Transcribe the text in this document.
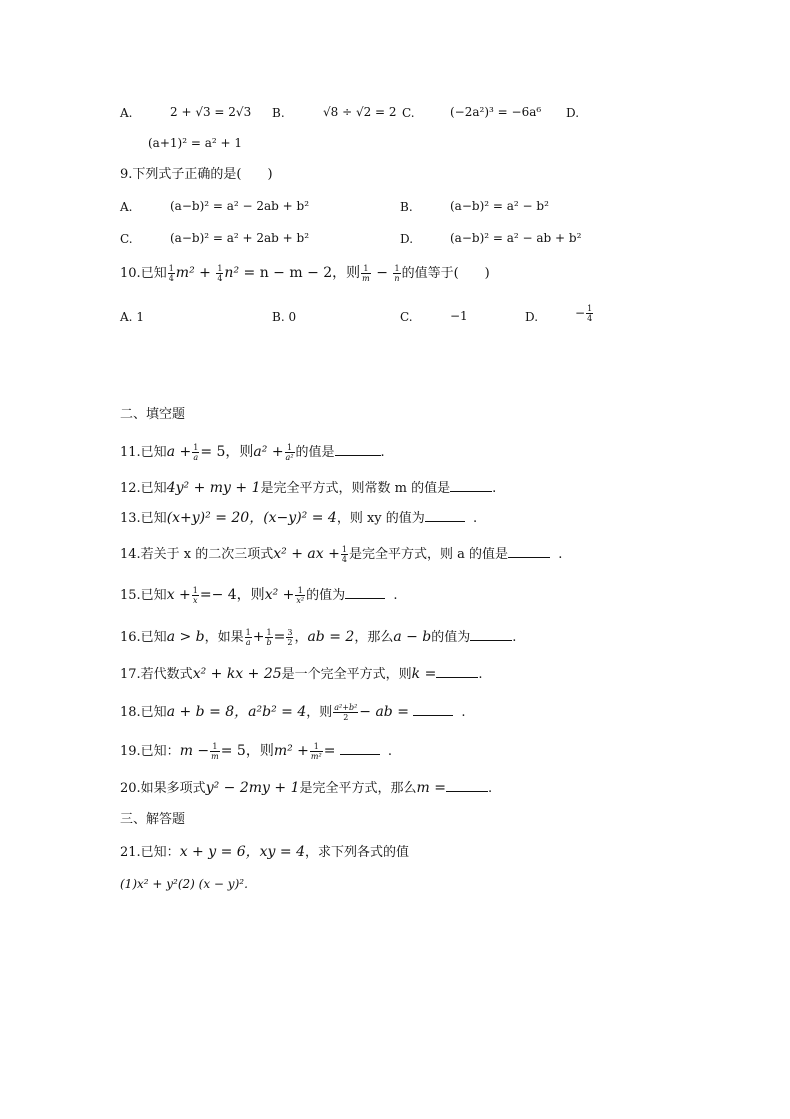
A.	2 + √3 = 2√3 B.	√8 ÷ √2 = 2 C.	(−2a²)³ = −6a⁶ D.
(a+1)² = a² + 1
9.下列式子正确的是(　　)
A.	(a−b)² = a² − 2ab + b²	B.	(a−b)² = a² − b²
C.	(a−b)² = a² + 2ab + b²	D.	(a−b)² = a² − ab + b²
10.已知 $\frac{1}{4} m^2 + \frac{1}{4} n^2 = n - m - 2$，则 $\frac{1}{m} - \frac{1}{n}$ 的值等于(　　)
A. 1	B. 0	C.	−1	D.	− $\frac{1}{4}$
二、填空题
11.已知$a + \frac{1}{a} = 5$，则$a^2 + \frac{1}{\text{a²}}$ 的值是	.
12.已知4y² + my + 1是完全平方式，则常数 m 的值是	.
13.已知(x+y)² = 20，(x−y)² = 4，则 xy 的值为	.
14.若关于 x 的二次三项式x² + ax + $\frac{1}{4}$ 是完全平方式，则 a 的值是	.
15.已知$x + \frac{1}{x} =- 4$，则$x^2 + \frac{1}{\text{x²}}$ 的值为	.
16.已知a > b，如果 $\frac{1}{a} + \frac{1}{b} = \frac{3}{2}$ ，ab = 2，那么a − b的值为	.
17.若代数式x² + kx + 25是一个完全平方式，则k =	.
18.已知a + b = 8，a²b² = 4，则 $\frac{\text{a²+b²}}{2}$ − ab =	.
19.已知：$m - \frac{1}{m} = 5$，则$m^2 + \frac{1}{\text{m²}}$ =	.
20.如果多项式y² − 2my + 1是完全平方式，那么m =	.
三、解答题
21.已知：x + y = 6，xy = 4，求下列各式的值
(1)x² + y²(2) (x − y)².
